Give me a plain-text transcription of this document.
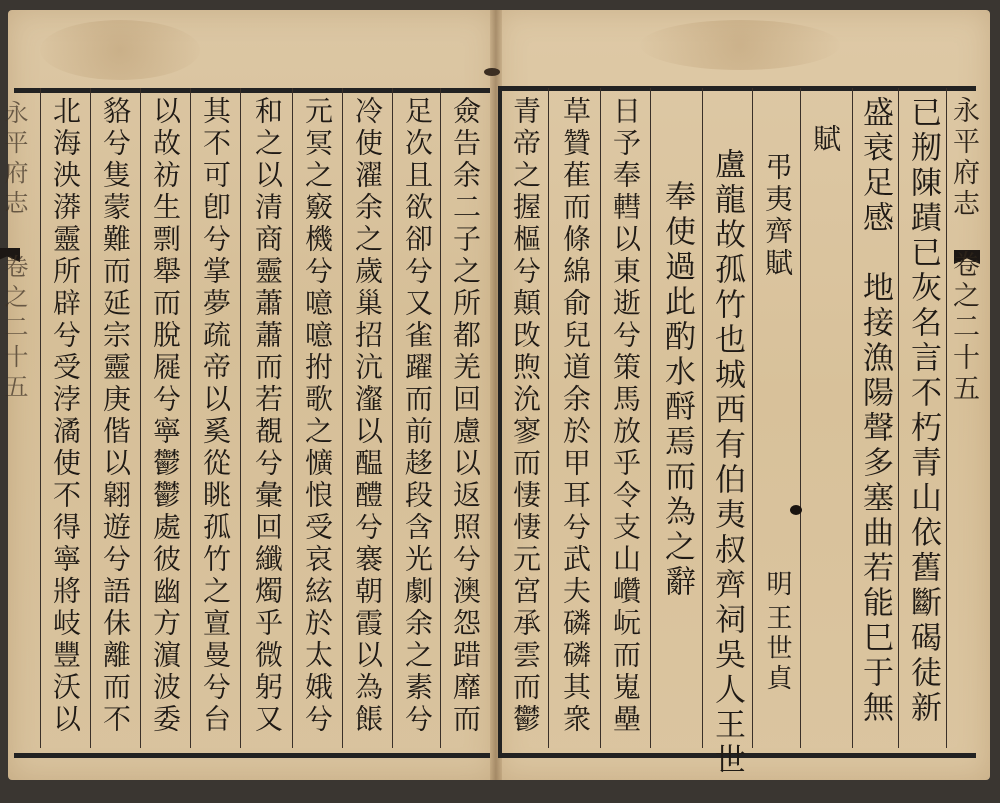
永平府志 卷之二十五	永平府志卷之二十五
已剏陳蹟已灰名言不朽青山依舊斷碣徒新
盛衰足感　地接漁陽聲多塞曲若能巳于無
賦
弔夷齊賦
明
王世貞
盧龍故孤竹也城西有伯夷叔齊祠吳人王世
奉使過此酌水酹焉而為之辭
日予奉轊以東逝兮策馬放乎令支山巑岏而嵬壘
草贊萑而條綿俞兒道余於甲耳兮武夫磷磷其衆
青帝之握樞兮顛攺煦沇寥而悽悽元宮承雲而鬱
僉告余二子之所都羌回慮以返照兮澳怨踖靡而
足次且欲卻兮又雀躍而前趍段含光劇余之素兮
冷使濯余之歲巢招沆瀣以醖醴兮褰朝霞以為餦
元冥之竅機兮噫噫拊歌之懭悢受哀絃於太娥兮
和之以清商靈蕭蕭而若覩兮彙回纖燭乎微躬又
其不可卽兮掌夢疏帝以奚從眺孤竹之亶曼兮台
以故祊生剽舉而脫屣兮寧鬱鬱處彼幽方濵波委
貉兮隻蒙難而延宗靈庚偕以翶遊兮語佅離而不
北海泱漭靈所辟兮受浡潏使不得寧將岐豐沃以
